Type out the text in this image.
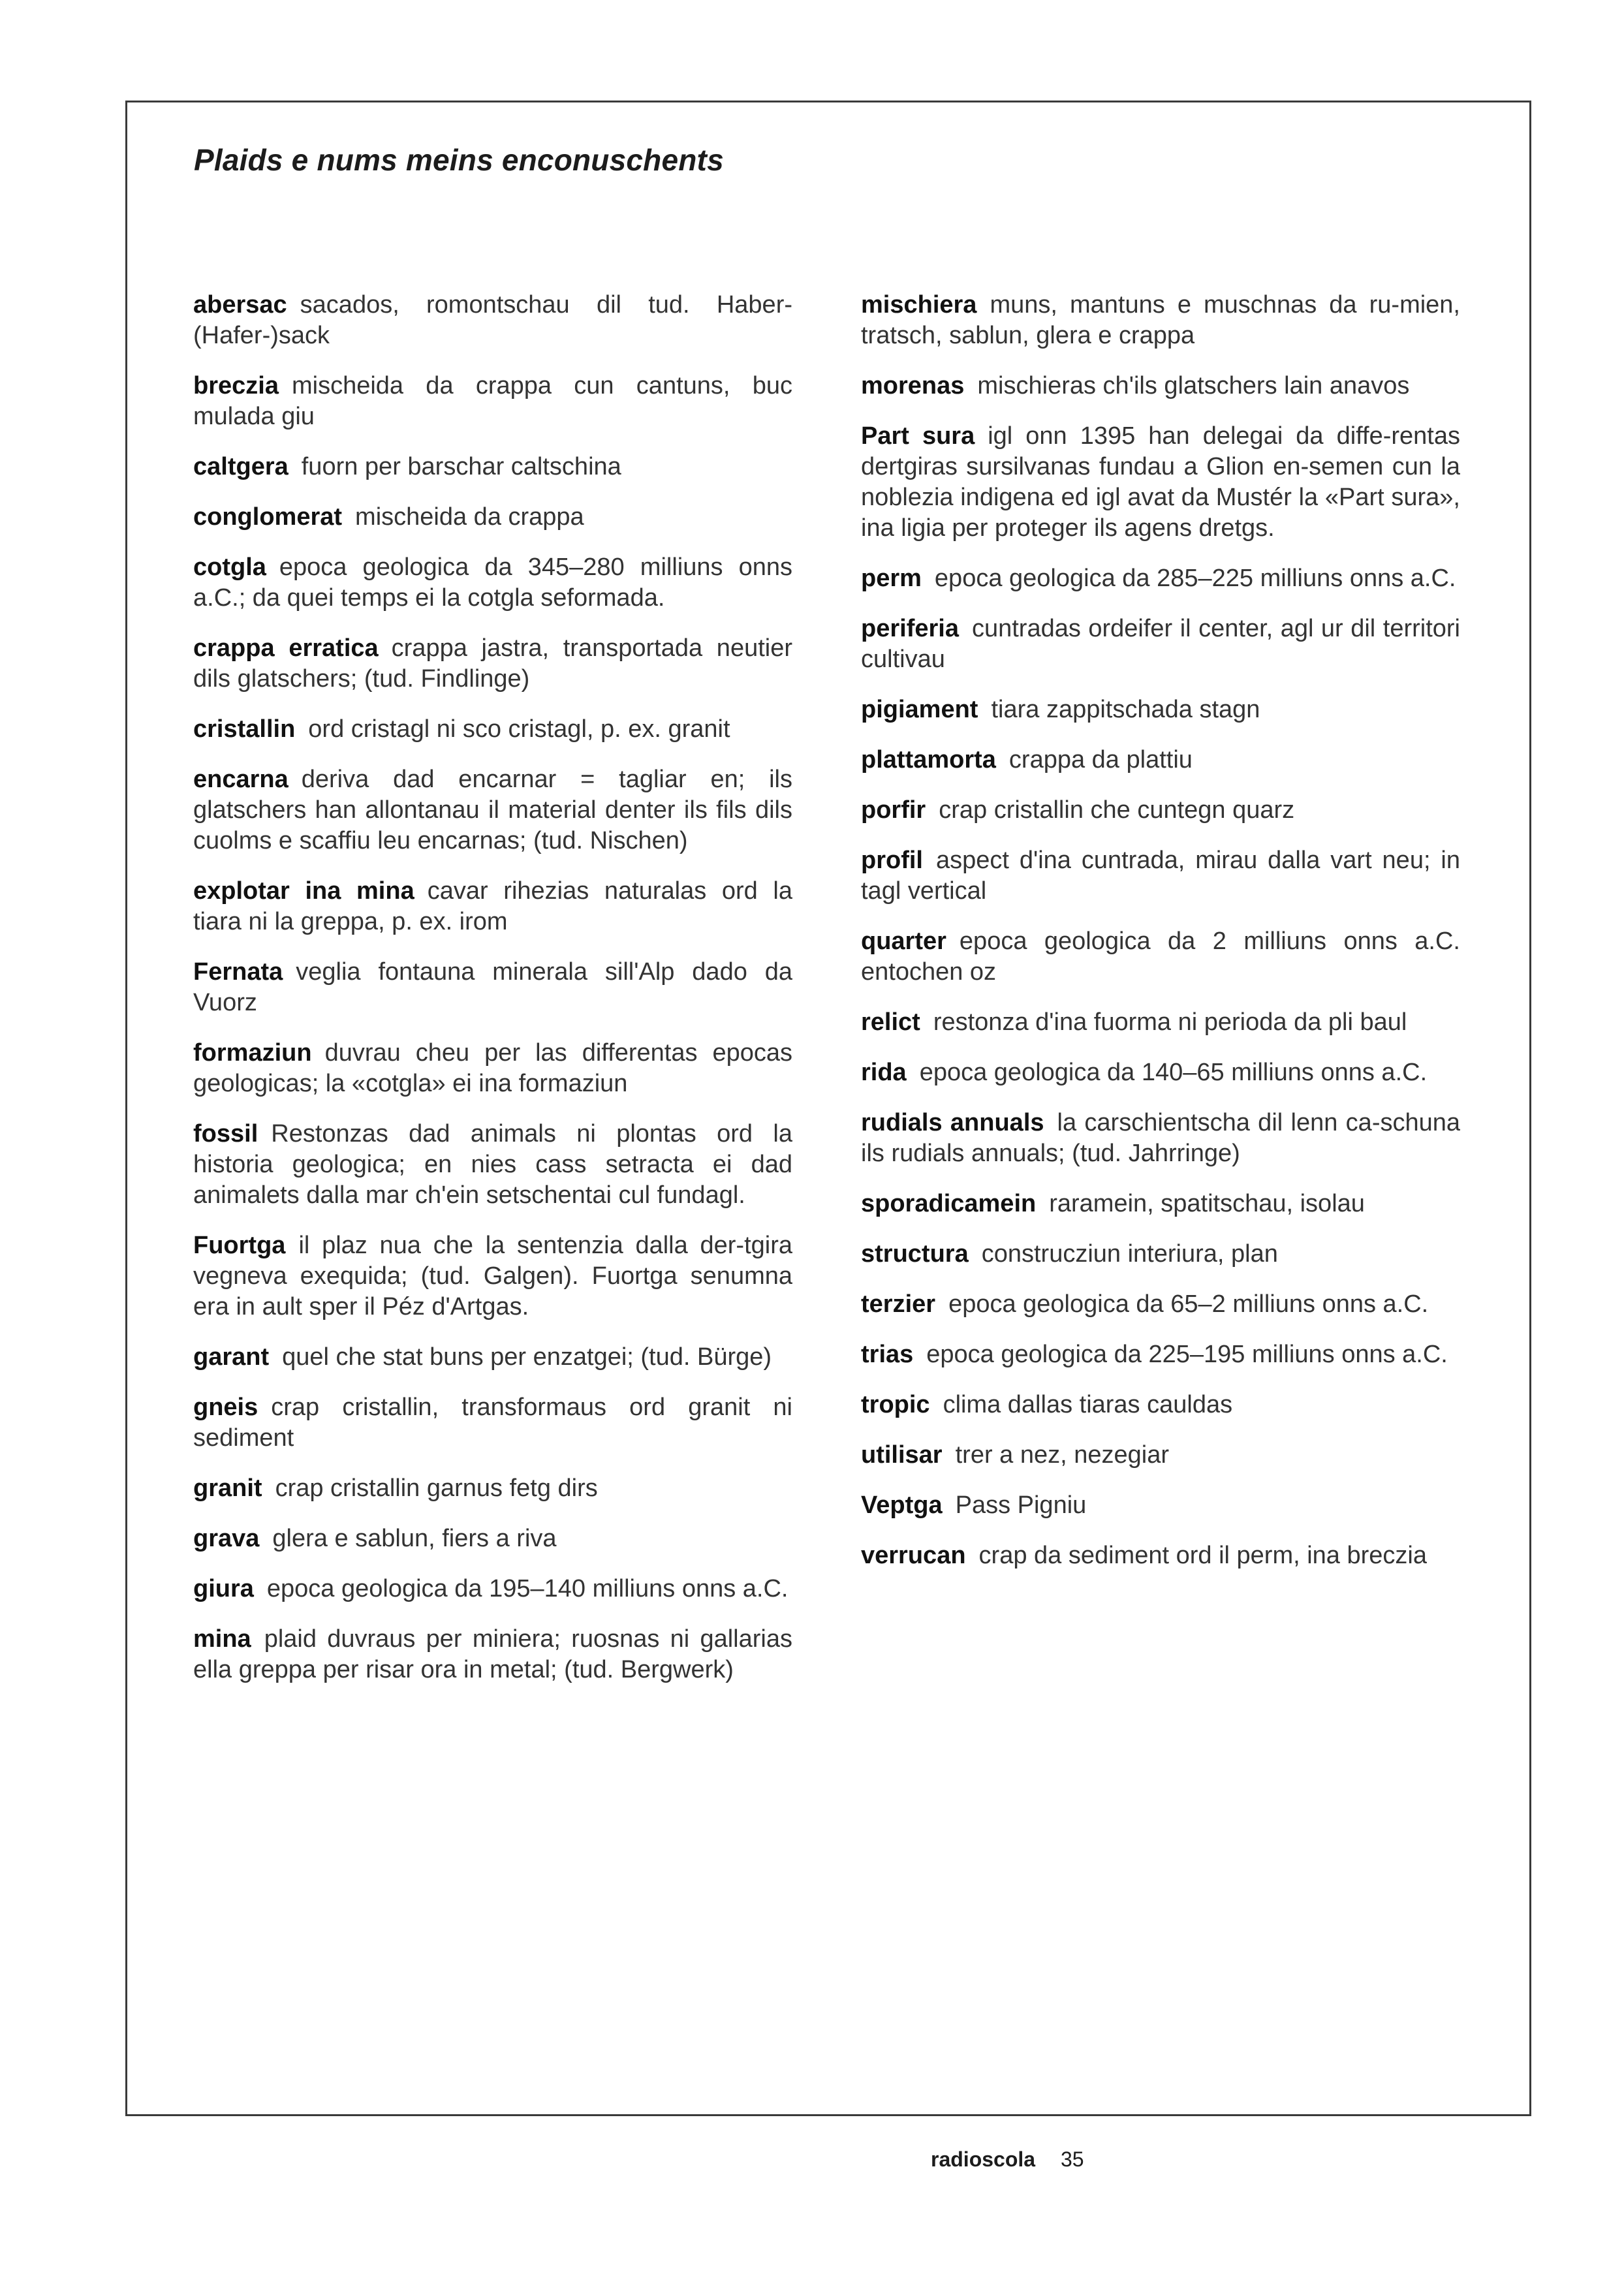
Plaids e nums meins enconuschents

abersac sacados, romontschau dil tud. Haber-(Hafer-)sack

breczia mischeida da crappa cun cantuns, buc mulada giu

caltgera fuorn per barschar caltschina

conglomerat mischeida da crappa

cotgla epoca geologica da 345–280 milliuns onns a.C.; da quei temps ei la cotgla seformada.

crappa erratica crappa jastra, transportada neutier dils glatschers; (tud. Findlinge)

cristallin ord cristagl ni sco cristagl, p. ex. granit

encarna deriva dad encarnar = tagliar en; ils glatschers han allontanau il material denter ils fils dils cuolms e scaffiu leu encarnas; (tud. Nischen)

explotar ina mina cavar rihezias naturalas ord la tiara ni la greppa, p. ex. irom

Fernata veglia fontauna minerala sill'Alp dado da Vuorz

formaziun duvrau cheu per las differentas epocas geologicas; la «cotgla» ei ina formaziun

fossil Restonzas dad animals ni plontas ord la historia geologica; en nies cass setracta ei dad animalets dalla mar ch'ein setschentai cul fundagl.

Fuortga il plaz nua che la sentenzia dalla der-tgira vegneva exequida; (tud. Galgen). Fuortga senumna era in ault sper il Péz d'Artgas.

garant quel che stat buns per enzatgei; (tud. Bürge)

gneis crap cristallin, transformaus ord granit ni sediment

granit crap cristallin garnus fetg dirs

grava glera e sablun, fiers a riva

giura epoca geologica da 195–140 milliuns onns a.C.

mina plaid duvraus per miniera; ruosnas ni gallarias ella greppa per risar ora in metal; (tud. Bergwerk)

mischiera muns, mantuns e muschnas da ru-mien, tratsch, sablun, glera e crappa

morenas mischieras ch'ils glatschers lain anavos

Part sura igl onn 1395 han delegai da diffe-rentas dertgiras sursilvanas fundau a Glion en-semen cun la noblezia indigena ed igl avat da Mustér la «Part sura», ina ligia per proteger ils agens dretgs.

perm epoca geologica da 285–225 milliuns onns a.C.

periferia cuntradas ordeifer il center, agl ur dil territori cultivau

pigiament tiara zappitschada stagn

plattamorta crappa da plattiu

porfir crap cristallin che cuntegn quarz

profil aspect d'ina cuntrada, mirau dalla vart neu; in tagl vertical

quarter epoca geologica da 2 milliuns onns a.C. entochen oz

relict restonza d'ina fuorma ni perioda da pli baul

rida epoca geologica da 140–65 milliuns onns a.C.

rudials annuals la carschientscha dil lenn ca-schuna ils rudials annuals; (tud. Jahrringe)

sporadicamein raramein, spatitschau, isolau

structura construcziun interiura, plan

terzier epoca geologica da 65–2 milliuns onns a.C.

trias epoca geologica da 225–195 milliuns onns a.C.

tropic clima dallas tiaras cauldas

utilisar trer a nez, nezegiar

Veptga Pass Pigniu

verrucan crap da sediment ord il perm, ina breczia

radioscola 35
